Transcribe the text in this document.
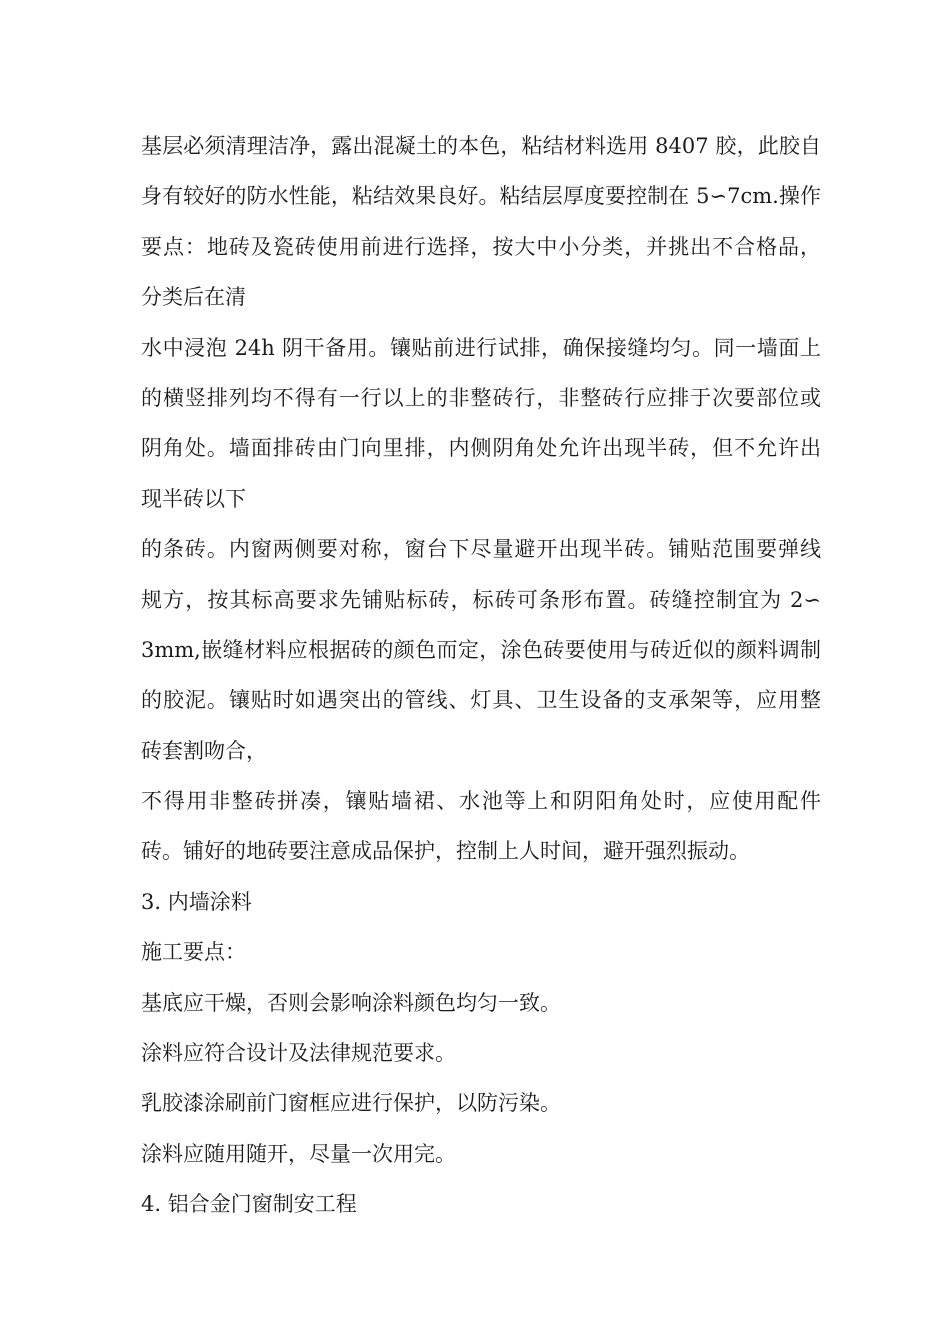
基层必须清理洁净，露出混凝土的本色，粘结材料选用 8407 胶，此胶自
身有较好的防水性能，粘结效果良好。粘结层厚度要控制在 5∽7cm.操作
要点：地砖及瓷砖使用前进行选择，按大中小分类，并挑出不合格品，
分类后在清
水中浸泡 24h 阴干备用。镶贴前进行试排，确保接缝均匀。同一墙面上
的横竖排列均不得有一行以上的非整砖行，非整砖行应排于次要部位或
阴角处。墙面排砖由门向里排，内侧阴角处允许出现半砖，但不允许出
现半砖以下
的条砖。内窗两侧要对称，窗台下尽量避开出现半砖。铺贴范围要弹线
规方，按其标高要求先铺贴标砖，标砖可条形布置。砖缝控制宜为 2∽
3mm,嵌缝材料应根据砖的颜色而定，涂色砖要使用与砖近似的颜料调制
的胶泥。镶贴时如遇突出的管线、灯具、卫生设备的支承架等，应用整
砖套割吻合，
不得用非整砖拼凑，镶贴墙裙、水池等上和阴阳角处时，应使用配件
砖。铺好的地砖要注意成品保护，控制上人时间，避开强烈振动。
3. 内墙涂料
施工要点：
基底应干燥，否则会影响涂料颜色均匀一致。
涂料应符合设计及法律规范要求。
乳胶漆涂刷前门窗框应进行保护，以防污染。
涂料应随用随开，尽量一次用完。
4. 铝合金门窗制安工程
